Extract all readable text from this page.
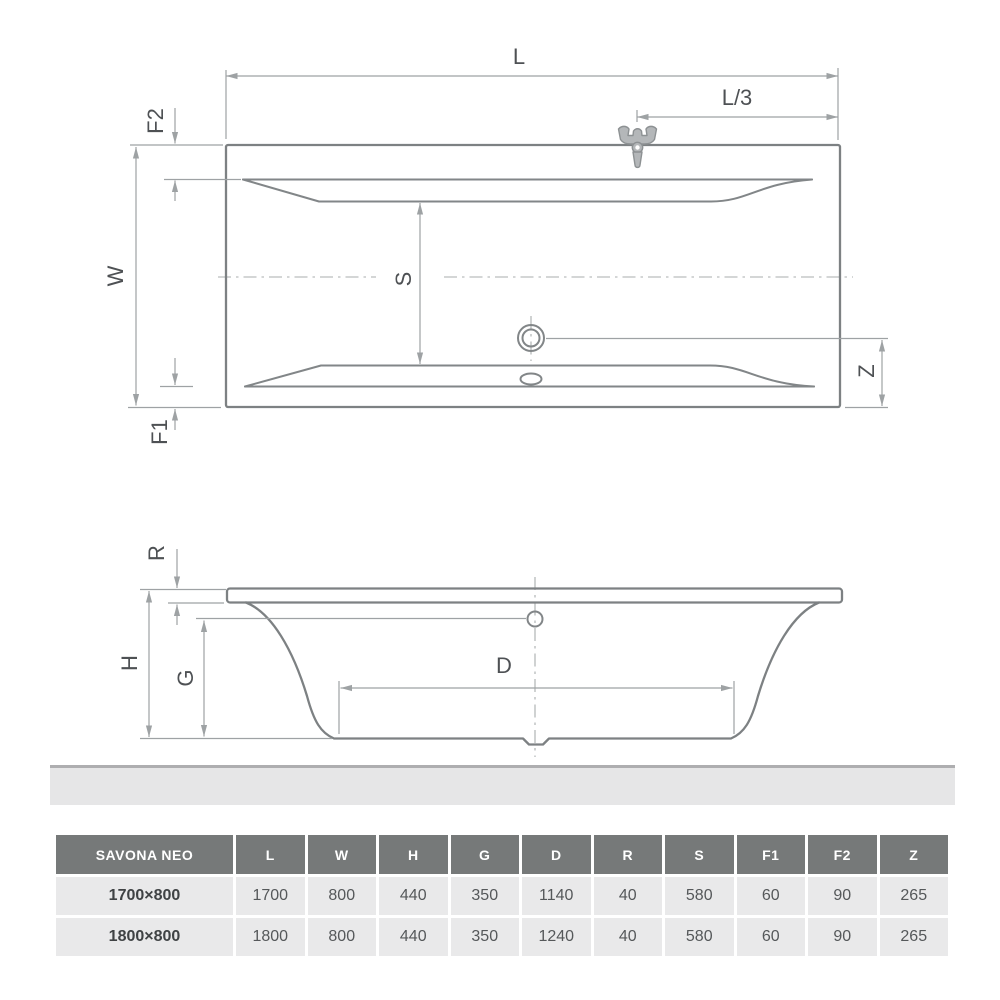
L
L/3
W
F2
F1
S
Z
R
H
G	D
SAVONA NEO	L	W	H	G	D	R	S	F1	F2	Z
1700×800	1700	800	440	350	1140	40	580	60	90	265
1800×800	1800	800	440	350	1240	40	580	60	90	265
